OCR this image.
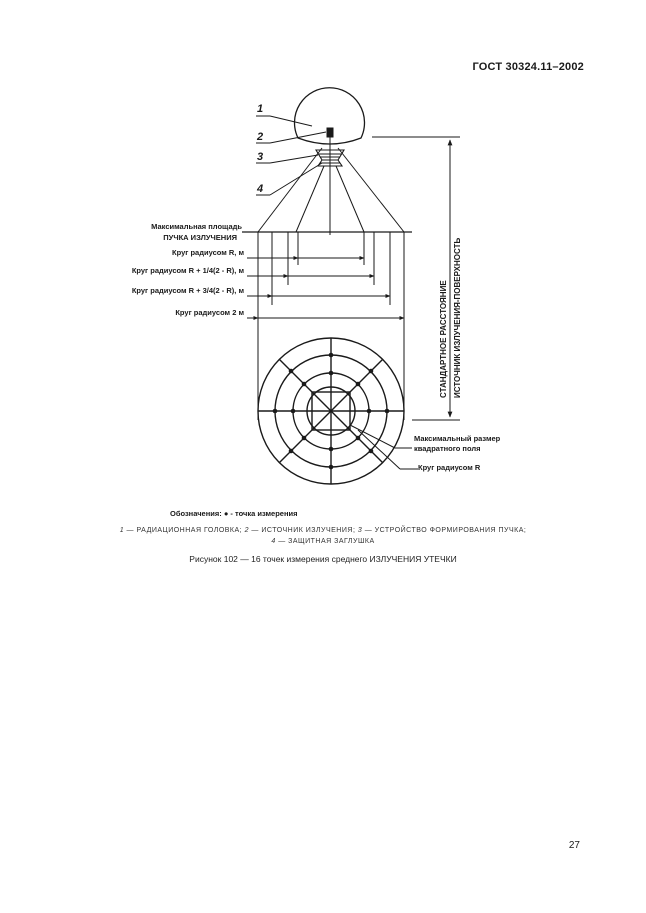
ГОСТ 30324.11–2002
1
2
3
4
Максимальная площадь
ПУЧКА ИЗЛУЧЕНИЯ
Круг радиусом R, м
Круг радиусом R + 1/4(2 - R), м
Круг радиусом R + 3/4(2 - R), м
Круг радиусом 2 м	СТАНДАРТНОЕ РАССТОЯНИЕ ИСТОЧНИК ИЗЛУЧЕНИЯ-ПОВЕРХНОСТЬ
Максимальный размер
квадратного поля
Круг радиусом R
Обозначения: ● - точка измерения
1 — РАДИАЦИОННАЯ ГОЛОВКА; 2 — ИСТОЧНИК ИЗЛУЧЕНИЯ; 3 — УСТРОЙСТВО ФОРМИРОВАНИЯ ПУЧКА;
4 — ЗАЩИТНАЯ ЗАГЛУШКА
Рисунок 102 — 16 точек измерения среднего ИЗЛУЧЕНИЯ УТЕЧКИ
27
